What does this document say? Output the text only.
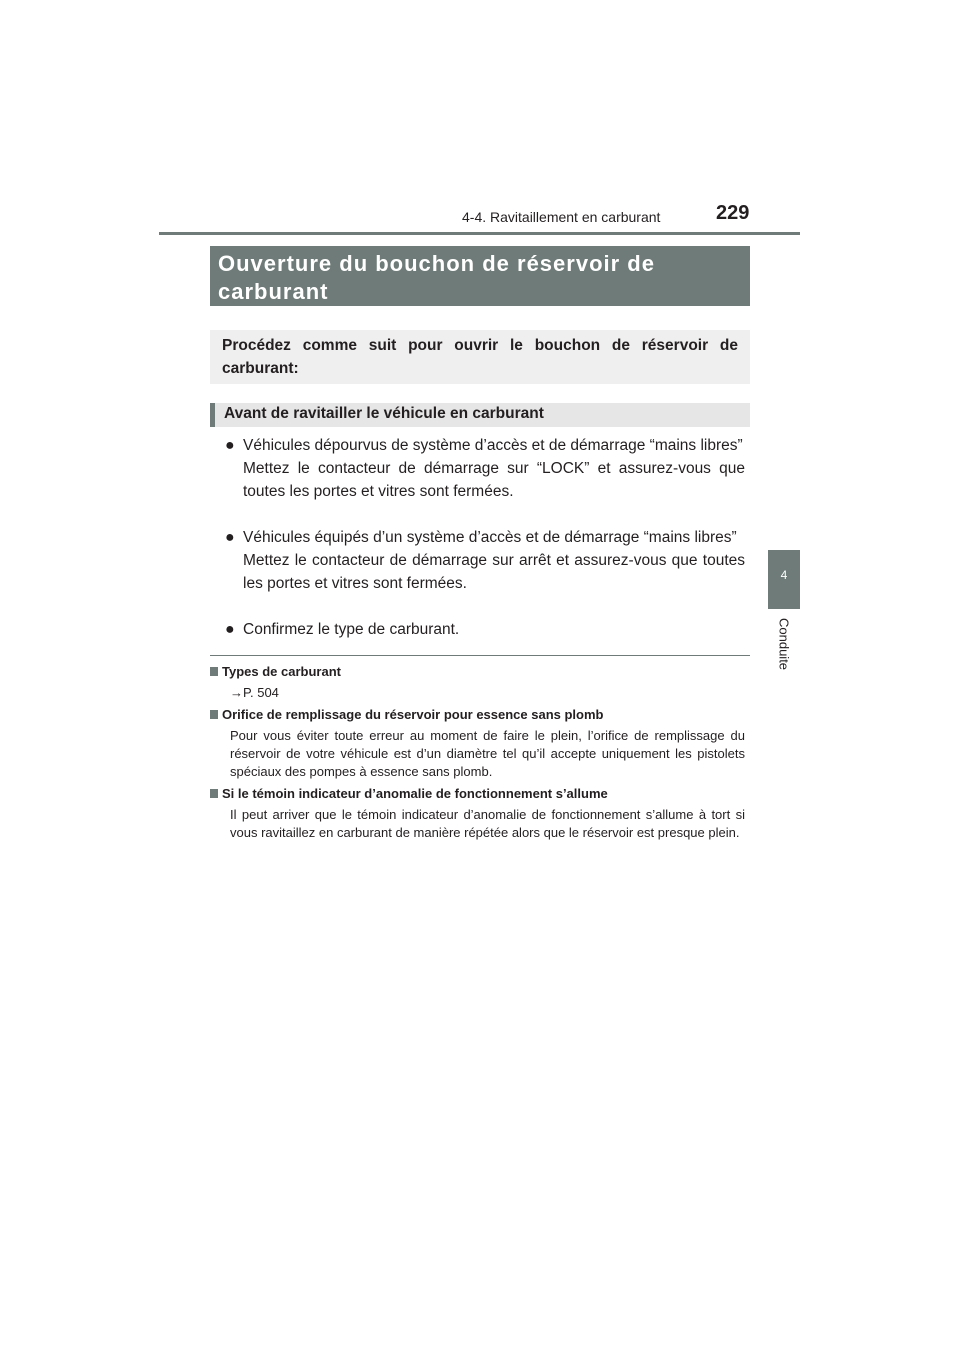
4-4. Ravitaillement en carburant	229
4
Conduite
Ouverture du bouchon de réservoir de carburant
Procédez comme suit pour ouvrir le bouchon de réservoir de carburant:
Avant de ravitailler le véhicule en carburant
● Véhicules dépourvus de système d’accès et de démarrage “mains libres”
Mettez le contacteur de démarrage sur “LOCK” et assurez-vous que toutes les portes et vitres sont fermées.
● Véhicules équipés d’un système d’accès et de démarrage “mains libres”
Mettez le contacteur de démarrage sur arrêt et assurez-vous que toutes les portes et vitres sont fermées.
● Confirmez le type de carburant.
Types de carburant
→P. 504
Orifice de remplissage du réservoir pour essence sans plomb
Pour vous éviter toute erreur au moment de faire le plein, l’orifice de remplissage du réservoir de votre véhicule est d’un diamètre tel qu’il accepte uniquement les pistolets spéciaux des pompes à essence sans plomb.
Si le témoin indicateur d’anomalie de fonctionnement s’allume
Il peut arriver que le témoin indicateur d’anomalie de fonctionnement s’allume à tort si vous ravitaillez en carburant de manière répétée alors que le réservoir est presque plein.
